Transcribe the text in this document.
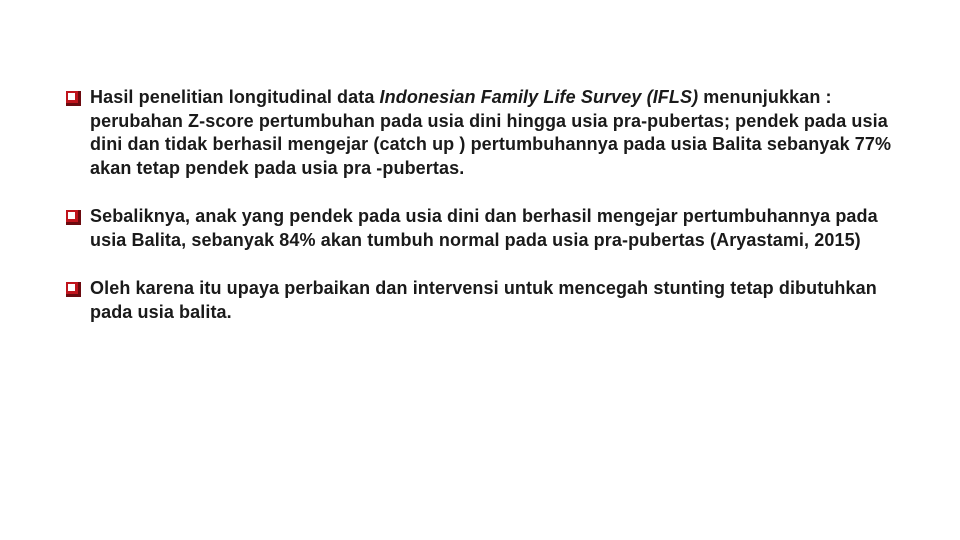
Hasil penelitian longitudinal data Indonesian Family Life Survey (IFLS) menunjukkan : perubahan Z-score pertumbuhan pada usia dini hingga usia pra-pubertas; pendek pada usia dini dan tidak berhasil mengejar (catch up ) pertumbuhannya pada usia Balita sebanyak 77% akan tetap pendek pada usia pra -pubertas.
Sebaliknya, anak yang pendek pada usia dini dan berhasil mengejar pertumbuhannya pada usia Balita, sebanyak 84% akan tumbuh normal pada usia pra-pubertas (Aryastami, 2015)
Oleh karena itu upaya perbaikan dan intervensi untuk mencegah stunting tetap dibutuhkan pada usia balita.
